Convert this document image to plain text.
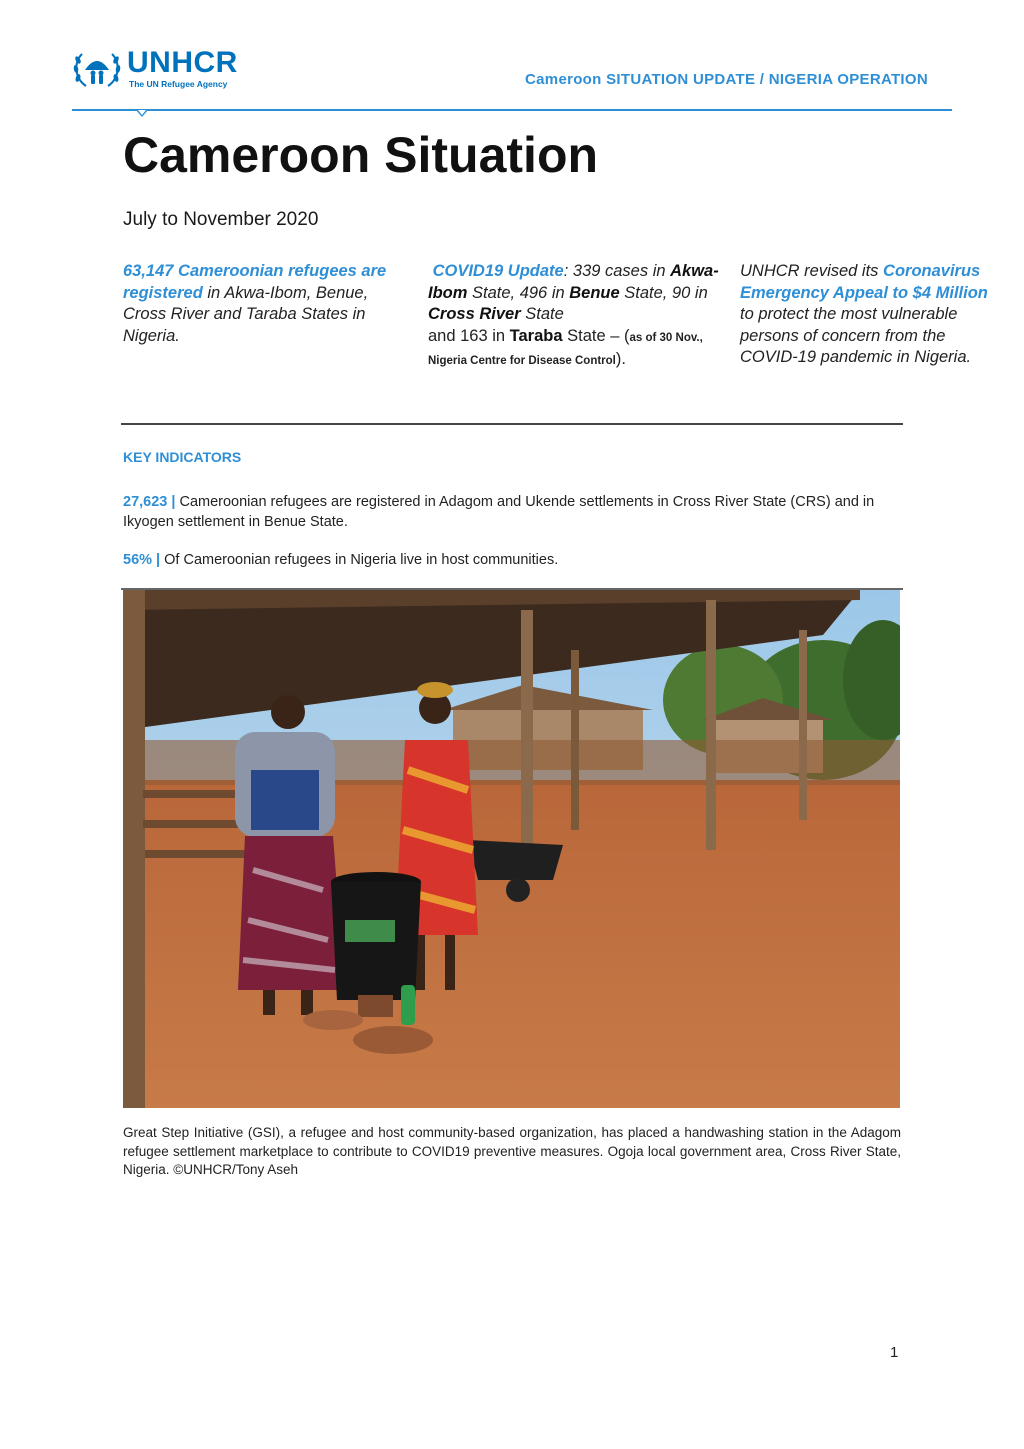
UNHCR
The UN Refugee Agency	Cameroon SITUATION UPDATE / NIGERIA OPERATION
Cameroon Situation
July to November 2020
63,147 Cameroonian refugees are registered in Akwa-Ibom, Benue, Cross River and Taraba States in Nigeria.
COVID19 Update: 339 cases in Akwa-Ibom State, 496 in Benue State, 90 in Cross River State
and 163 in Taraba State – (as of 30 Nov., Nigeria Centre for Disease Control).
UNHCR revised its Coronavirus Emergency Appeal to $4 Million to protect the most vulnerable persons of concern from the COVID-19 pandemic in Nigeria.
KEY INDICATORS
27,623 | Cameroonian refugees are registered in Adagom and Ukende settlements in Cross River State (CRS) and in Ikyogen settlement in Benue State.
56% | Of Cameroonian refugees in Nigeria live in host communities.
Great Step Initiative (GSI), a refugee and host community-based organization, has placed a handwashing station in the Adagom refugee settlement marketplace to contribute to COVID19 preventive measures. Ogoja local government area, Cross River State, Nigeria. ©UNHCR/Tony Aseh
1
